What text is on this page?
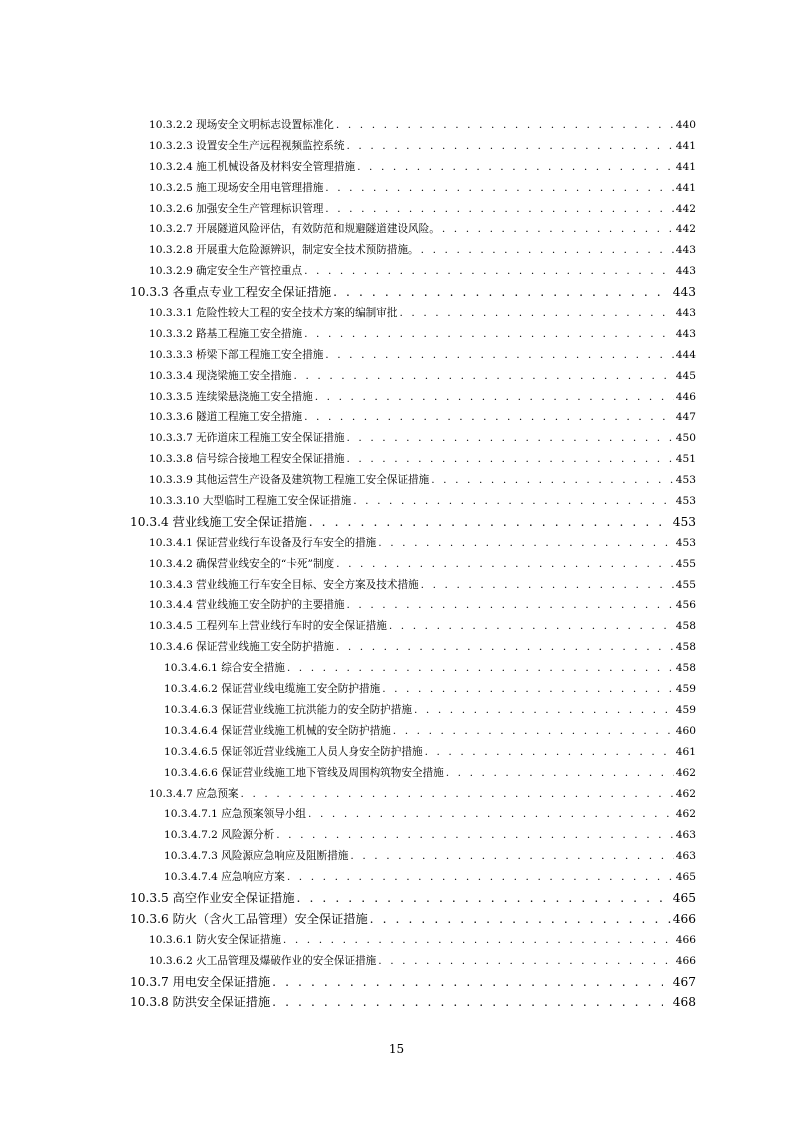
10.3.2.2 现场安全文明标志设置标准化 . . .	440
10.3.2.3 设置安全生产远程视频监控系统 . . .	441
10.3.2.4 施工机械设备及材料安全管理措施 . . .	441
10.3.2.5 施工现场安全用电管理措施 . . .	441
10.3.2.6 加强安全生产管理标识管理 . . .	442
10.3.2.7 开展隧道风险评估，有效防范和规避隧道建设风险。 . . .	442
10.3.2.8 开展重大危险源辨识，制定安全技术预防措施。 . . .	443
10.3.2.9 确定安全生产管控重点 . . .	443
10.3.3 各重点专业工程安全保证措施 . . .	443
10.3.3.1 危险性较大工程的安全技术方案的编制审批 . . .	443
10.3.3.2 路基工程施工安全措施 . . .	443
10.3.3.3 桥梁下部工程施工安全措施 . . .	444
10.3.3.4 现浇梁施工安全措施 . . .	445
10.3.3.5 连续梁悬浇施工安全措施 . . .	446
10.3.3.6 隧道工程施工安全措施 . . .	447
10.3.3.7 无砟道床工程施工安全保证措施 . . .	450
10.3.3.8 信号综合接地工程安全保证措施 . . .	451
10.3.3.9 其他运营生产设备及建筑物工程施工安全保证措施 . . .	453
10.3.3.10 大型临时工程施工安全保证措施 . . .	453
10.3.4 营业线施工安全保证措施 . . .	453
10.3.4.1 保证营业线行车设备及行车安全的措施 . . .	453
10.3.4.2 确保营业线安全的“卡死”制度 . . .	455
10.3.4.3 营业线施工行车安全目标、安全方案及技术措施 . . .	455
10.3.4.4 营业线施工安全防护的主要措施 . . .	456
10.3.4.5 工程列车上营业线行车时的安全保证措施 . . .	458
10.3.4.6 保证营业线施工安全防护措施 . . .	458
10.3.4.6.1 综合安全措施 . . .	458
10.3.4.6.2 保证营业线电缆施工安全防护措施 . . .	459
10.3.4.6.3 保证营业线施工抗洪能力的安全防护措施 . . .	459
10.3.4.6.4 保证营业线施工机械的安全防护措施 . . .	460
10.3.4.6.5 保证邻近营业线施工人员人身安全防护措施 . . .	461
10.3.4.6.6 保证营业线施工地下管线及周围构筑物安全措施 . . .	462
10.3.4.7 应急预案 . . .	462
10.3.4.7.1 应急预案领导小组 . . .	462
10.3.4.7.2 风险源分析 . . .	463
10.3.4.7.3 风险源应急响应及阻断措施 . . .	463
10.3.4.7.4 应急响应方案 . . .	465
10.3.5 高空作业安全保证措施 . . .	465
10.3.6 防火（含火工品管理）安全保证措施 . . .	466
10.3.6.1 防火安全保证措施 . . .	466
10.3.6.2 火工品管理及爆破作业的安全保证措施 . . .	466
10.3.7 用电安全保证措施 . . .	467
10.3.8 防洪安全保证措施 . . .	468
15
